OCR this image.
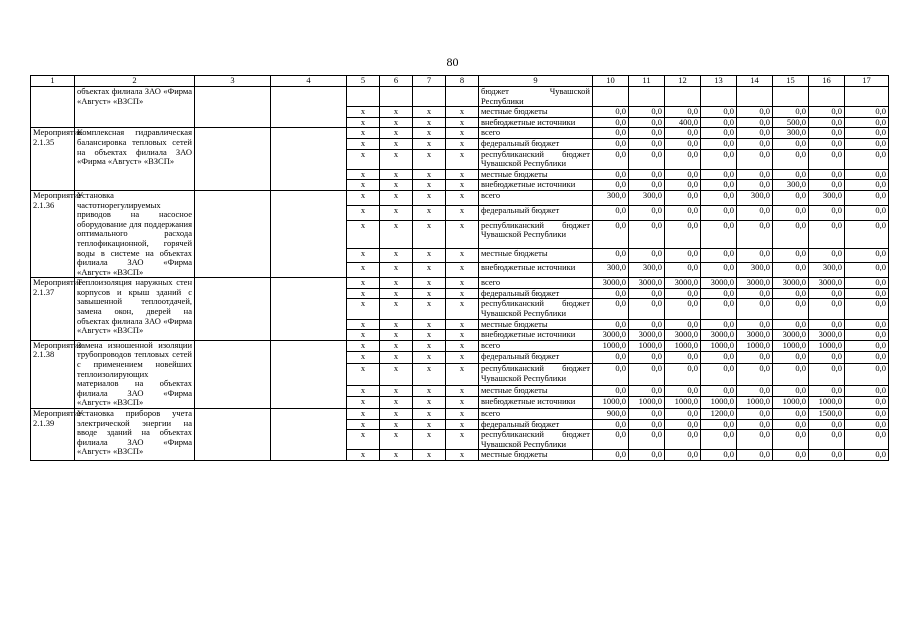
80
1	2	3	4	5	6	7	8	9	10	11	12	13	14	15	16	17
	объектах филиала ЗАО «Фирма «Август» «ВЗСП»							бюджет Чувашской Республики								
				х	х	х	х	местные бюджеты	0,0	0,0	0,0	0,0	0,0	0,0	0,0	0,0
				х	х	х	х	внебюджетные источники	0,0	0,0	400,0	0,0	0,0	500,0	0,0	0,0
Мероприятие 2.1.35	Комплексная гидравлическая балансировка тепловых сетей на объектах филиала ЗАО «Фирма «Август» «ВЗСП»			х	х	х	х	всего	0,0	0,0	0,0	0,0	0,0	300,0	0,0	0,0
				х	х	х	х	федеральный бюджет	0,0	0,0	0,0	0,0	0,0	0,0	0,0	0,0
				х	х	х	х	республиканский бюджет Чувашской Республики	0,0	0,0	0,0	0,0	0,0	0,0	0,0	0,0
				х	х	х	х	местные бюджеты	0,0	0,0	0,0	0,0	0,0	0,0	0,0	0,0
				х	х	х	х	внебюджетные источники	0,0	0,0	0,0	0,0	0,0	300,0	0,0	0,0
Мероприятие 2.1.36	Установка частотнорегулируемых приводов на насосное оборудование для поддержания оптимального расхода теплофикационной, горячей воды в системе на объектах филиала ЗАО «Фирма «Август» «ВЗСП»			х	х	х	х	всего	300,0	300,0	0,0	0,0	300,0	0,0	300,0	0,0
				х	х	х	х	федеральный бюджет	0,0	0,0	0,0	0,0	0,0	0,0	0,0	0,0
				х	х	х	х	республиканский бюджет Чувашской Республики	0,0	0,0	0,0	0,0	0,0	0,0	0,0	0,0
				х	х	х	х	местные бюджеты	0,0	0,0	0,0	0,0	0,0	0,0	0,0	0,0
				х	х	х	х	внебюджетные источники	300,0	300,0	0,0	0,0	300,0	0,0	300,0	0,0
Мероприятие 2.1.37	Теплоизоляция наружных стен корпусов и крыш зданий с завышенной теплоотдачей, замена окон, дверей на объектах филиала ЗАО «Фирма «Август» «ВЗСП»			х	х	х	х	всего	3000,0	3000,0	3000,0	3000,0	3000,0	3000,0	3000,0	0,0
				х	х	х	х	федеральный бюджет	0,0	0,0	0,0	0,0	0,0	0,0	0,0	0,0
				х	х	х	х	республиканский бюджет Чувашской Республики	0,0	0,0	0,0	0,0	0,0	0,0	0,0	0,0
				х	х	х	х	местные бюджеты	0,0	0,0	0,0	0,0	0,0	0,0	0,0	0,0
				х	х	х	х	внебюджетные источники	3000,0	3000,0	3000,0	3000,0	3000,0	3000,0	3000,0	0,0
Мероприятие 2.1.38	Замена изношенной изоляции трубопроводов тепловых сетей с применением новейших теплоизолирующих материалов на объектах филиала ЗАО «Фирма «Август» «ВЗСП»			х	х	х	х	всего	1000,0	1000,0	1000,0	1000,0	1000,0	1000,0	1000,0	0,0
				х	х	х	х	федеральный бюджет	0,0	0,0	0,0	0,0	0,0	0,0	0,0	0,0
				х	х	х	х	республиканский бюджет Чувашской Республики	0,0	0,0	0,0	0,0	0,0	0,0	0,0	0,0
				х	х	х	х	местные бюджеты	0,0	0,0	0,0	0,0	0,0	0,0	0,0	0,0
				х	х	х	х	внебюджетные источники	1000,0	1000,0	1000,0	1000,0	1000,0	1000,0	1000,0	0,0
Мероприятие 2.1.39	Установка приборов учета электрической энергии на вводе зданий на объектах филиала ЗАО «Фирма «Август» «ВЗСП»			х	х	х	х	всего	900,0	0,0	0,0	1200,0	0,0	0,0	1500,0	0,0
				х	х	х	х	федеральный бюджет	0,0	0,0	0,0	0,0	0,0	0,0	0,0	0,0
				х	х	х	х	республиканский бюджет Чувашской Республики	0,0	0,0	0,0	0,0	0,0	0,0	0,0	0,0
				х	х	х	х	местные бюджеты	0,0	0,0	0,0	0,0	0,0	0,0	0,0	0,0
